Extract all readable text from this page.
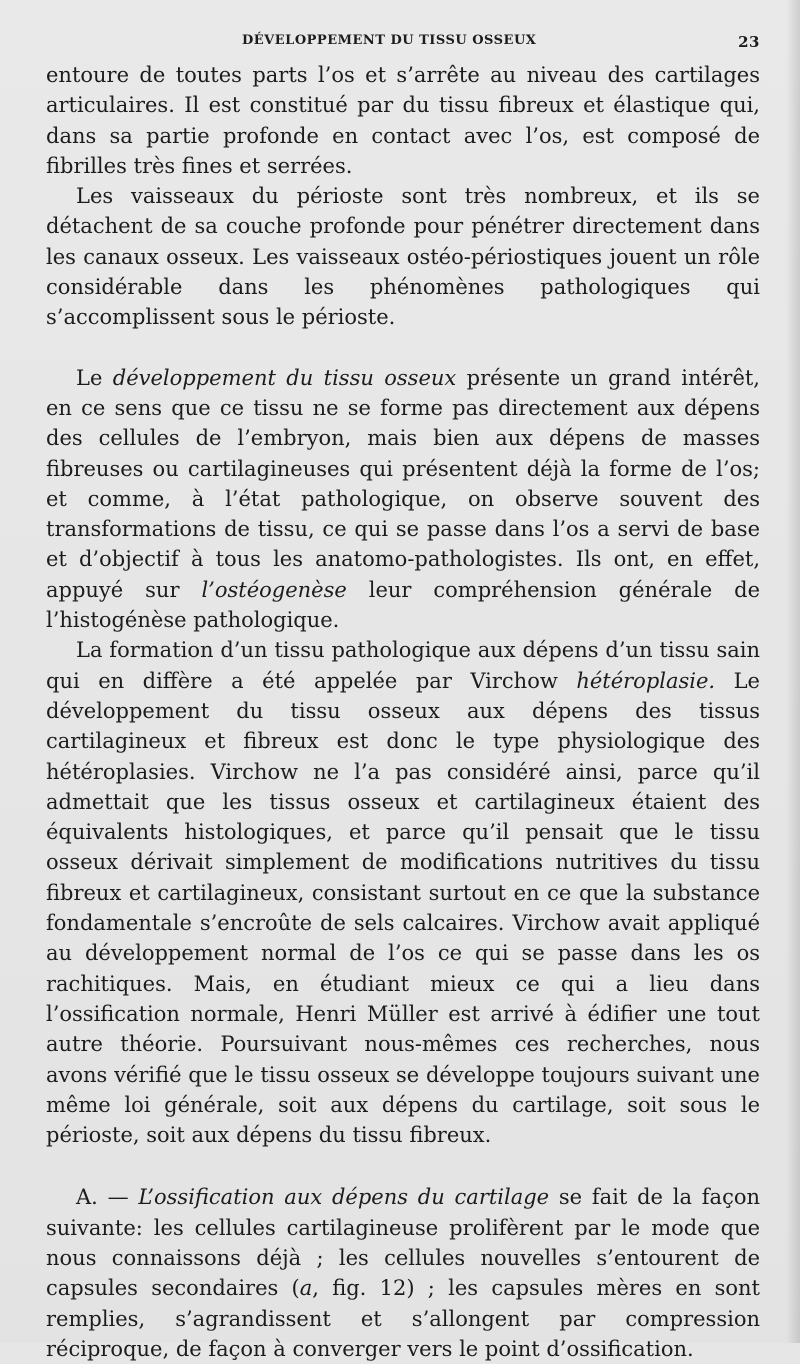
DÉVELOPPEMENT DU TISSU OSSEUX	23

entoure de toutes parts l’os et s’arrête au niveau des cartilages articulaires. Il est constitué par du tissu fibreux et élastique qui, dans sa partie profonde en contact avec l’os, est composé de fibrilles très fines et serrées.

Les vaisseaux du périoste sont très nombreux, et ils se détachent de sa couche profonde pour pénétrer directement dans les canaux osseux. Les vaisseaux ostéo-périostiques jouent un rôle considérable dans les phénomènes pathologiques qui s’accomplissent sous le périoste.

Le développement du tissu osseux présente un grand intérêt, en ce sens que ce tissu ne se forme pas directement aux dépens des cellules de l’embryon, mais bien aux dépens de masses fibreuses ou cartilagineuses qui présentent déjà la forme de l’os; et comme, à l’état pathologique, on observe souvent des transformations de tissu, ce qui se passe dans l’os a servi de base et d’objectif à tous les anatomo-pathologistes. Ils ont, en effet, appuyé sur l’ostéogenèse leur compréhension générale de l’histogénèse pathologique.

La formation d’un tissu pathologique aux dépens d’un tissu sain qui en diffère a été appelée par Virchow hétéroplasie. Le développement du tissu osseux aux dépens des tissus cartilagineux et fibreux est donc le type physiologique des hétéroplasies. Virchow ne l’a pas considéré ainsi, parce qu’il admettait que les tissus osseux et cartilagineux étaient des équivalents histologiques, et parce qu’il pensait que le tissu osseux dérivait simplement de modifications nutritives du tissu fibreux et cartilagineux, consistant surtout en ce que la substance fondamentale s’encroûte de sels calcaires. Virchow avait appliqué au développement normal de l’os ce qui se passe dans les os rachitiques. Mais, en étudiant mieux ce qui a lieu dans l’ossification normale, Henri Müller est arrivé à édifier une tout autre théorie. Poursuivant nous-mêmes ces recherches, nous avons vérifié que le tissu osseux se développe toujours suivant une même loi générale, soit aux dépens du cartilage, soit sous le périoste, soit aux dépens du tissu fibreux.

A. — L’ossification aux dépens du cartilage se fait de la façon suivante: les cellules cartilagineuse prolifèrent par le mode que nous connaissons déjà ; les cellules nouvelles s’entourent de capsules secondaires (a, fig. 12) ; les capsules mères en sont remplies, s’agrandissent et s’allongent par compression réciproque, de façon à converger vers le point d’ossification.
